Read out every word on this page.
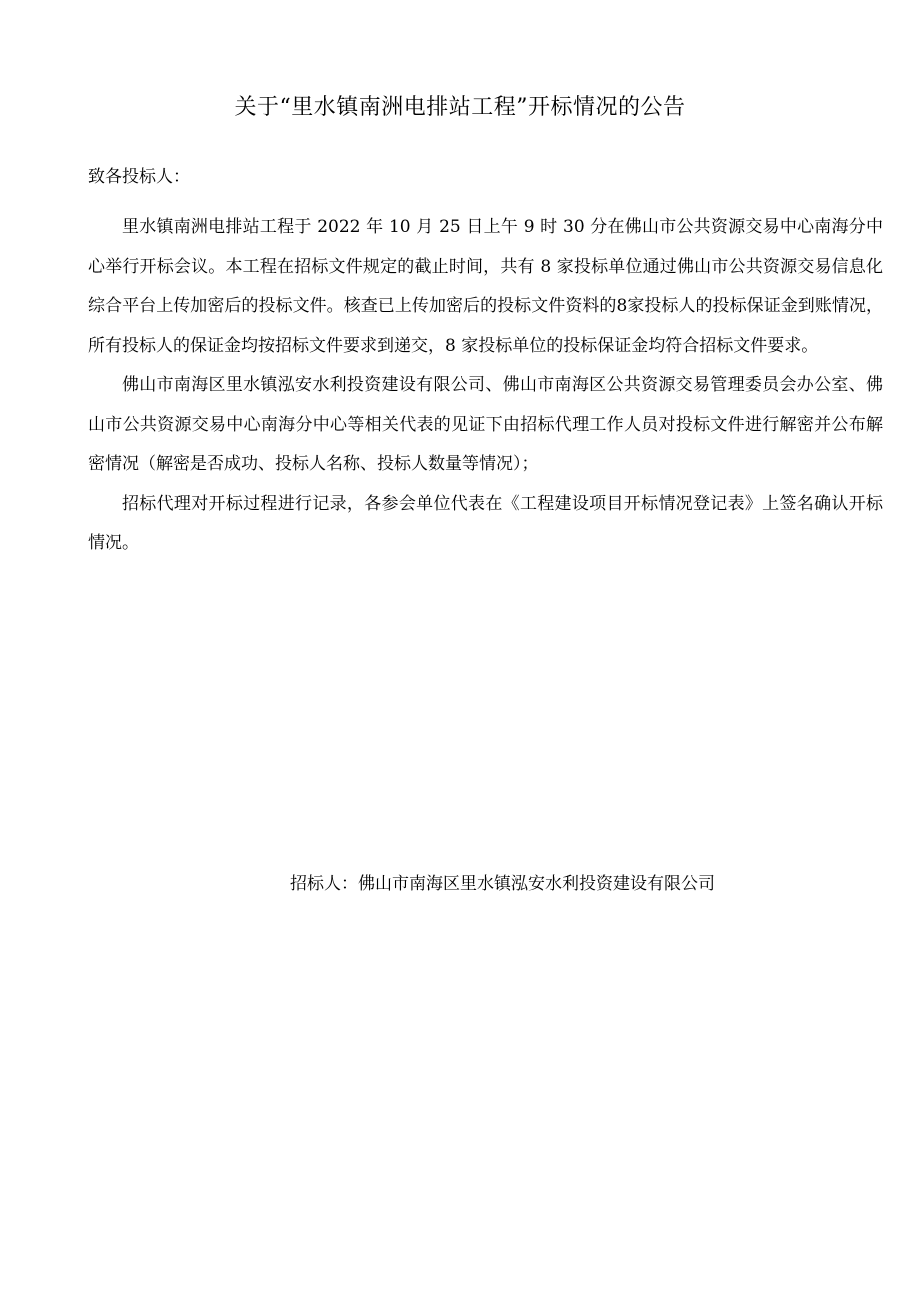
关于“里水镇南洲电排站工程”开标情况的公告
致各投标人：

里水镇南洲电排站工程于 2022 年 10 月 25 日上午 9 时 30 分在佛山市公共资源交易中心南海分中心举行开标会议。本工程在招标文件规定的截止时间，共有 8 家投标单位通过佛山市公共资源交易信息化综合平台上传加密后的投标文件。核查已上传加密后的投标文件资料的8家投标人的投标保证金到账情况，所有投标人的保证金均按招标文件要求到递交，8 家投标单位的投标保证金均符合招标文件要求。

佛山市南海区里水镇泓安水利投资建设有限公司、佛山市南海区公共资源交易管理委员会办公室、佛山市公共资源交易中心南海分中心等相关代表的见证下由招标代理工作人员对投标文件进行解密并公布解密情况（解密是否成功、投标人名称、投标人数量等情况）；

招标代理对开标过程进行记录，各参会单位代表在《工程建设项目开标情况登记表》上签名确认开标情况。

招标人：佛山市南海区里水镇泓安水利投资建设有限公司
